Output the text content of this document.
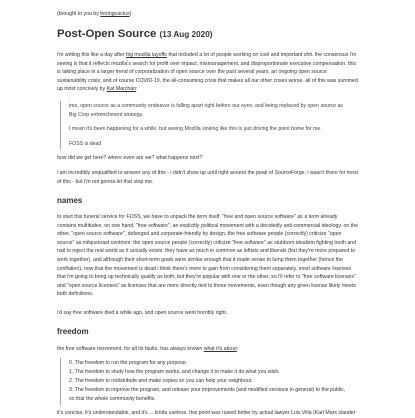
(brought to you by boringcactus)
Post-Open Source (13 Aug 2020)

i'm writing this like a day after big mozilla layoffs that included a lot of people working on cool and important shit. the consensus i'm seeing is that it reflects mozilla's search for profit over impact, mismanagement, and disproportionate executive compensation. this is taking place in a larger trend of corporatization of open source over the past several years, an ongoing open source sustainability crisis, and of course COVID-19, the all-consuming crisis that makes all our other crises worse. all of this was summed up most concisely by Kat Marchán:

imo, open source as a community endeavor is falling apart right before our eyes, and being replaced by open source as Big Corp entrenchment strategy.
I mean it's been happening for a while, but seeing Mozilla sinking like this is just driving the point home for me.
FOSS is dead

how did we get here? where even are we? what happens next?

i am incredibly unqualified to answer any of this - i didn't show up until right around the peak of SourceForge, i wasn't there for most of this - but i'm not gonna let that stop me.

names

to start this funeral service for FOSS, we have to unpack the term itself. "free and open source software" as a term already contains multitudes. on one hand, "free software", an explicitly political movement with a decidedly anti-commercial ideology. on the other, "open source software", defanged and corporate-friendly by design. the free software people (correctly) criticize "open source" as milquetoast centrism: the open source people (correctly) criticize "free software" as stubborn idealism fighting tooth and nail to reject the real world as it actually exists. they have as much in common as leftists and liberals (but they're more prepared to work together), and although their short-term goals were similar enough that it made sense to lump them together (hence the conflation), now that the movement is dead i think there's more to gain from considering them separately. most software licenses that i'm going to bring up technically qualify as both, but they're popular with one or the other, so i'll refer to "free software licenses" and "open source licenses" as licenses that are more directly tied to those movements, even though any given license likely meets both definitions.

i'd say free software died a while ago, and open source went horribly right.

freedom

the free software movement, for all its faults, has always known what it's about:

0. The freedom to run the program for any purpose.
1. The freedom to study how the program works, and change it to make it do what you wish.
2. The freedom to redistribute and make copies so you can help your neighbour.
3. The freedom to improve the program, and release your improvements (and modified versions in general) to the public, so that the whole community benefits.

it's concise, it's understandable, and it's ... kinda useless. this point was raised better by actual lawyer Luis Villa (Karl Marx slander
